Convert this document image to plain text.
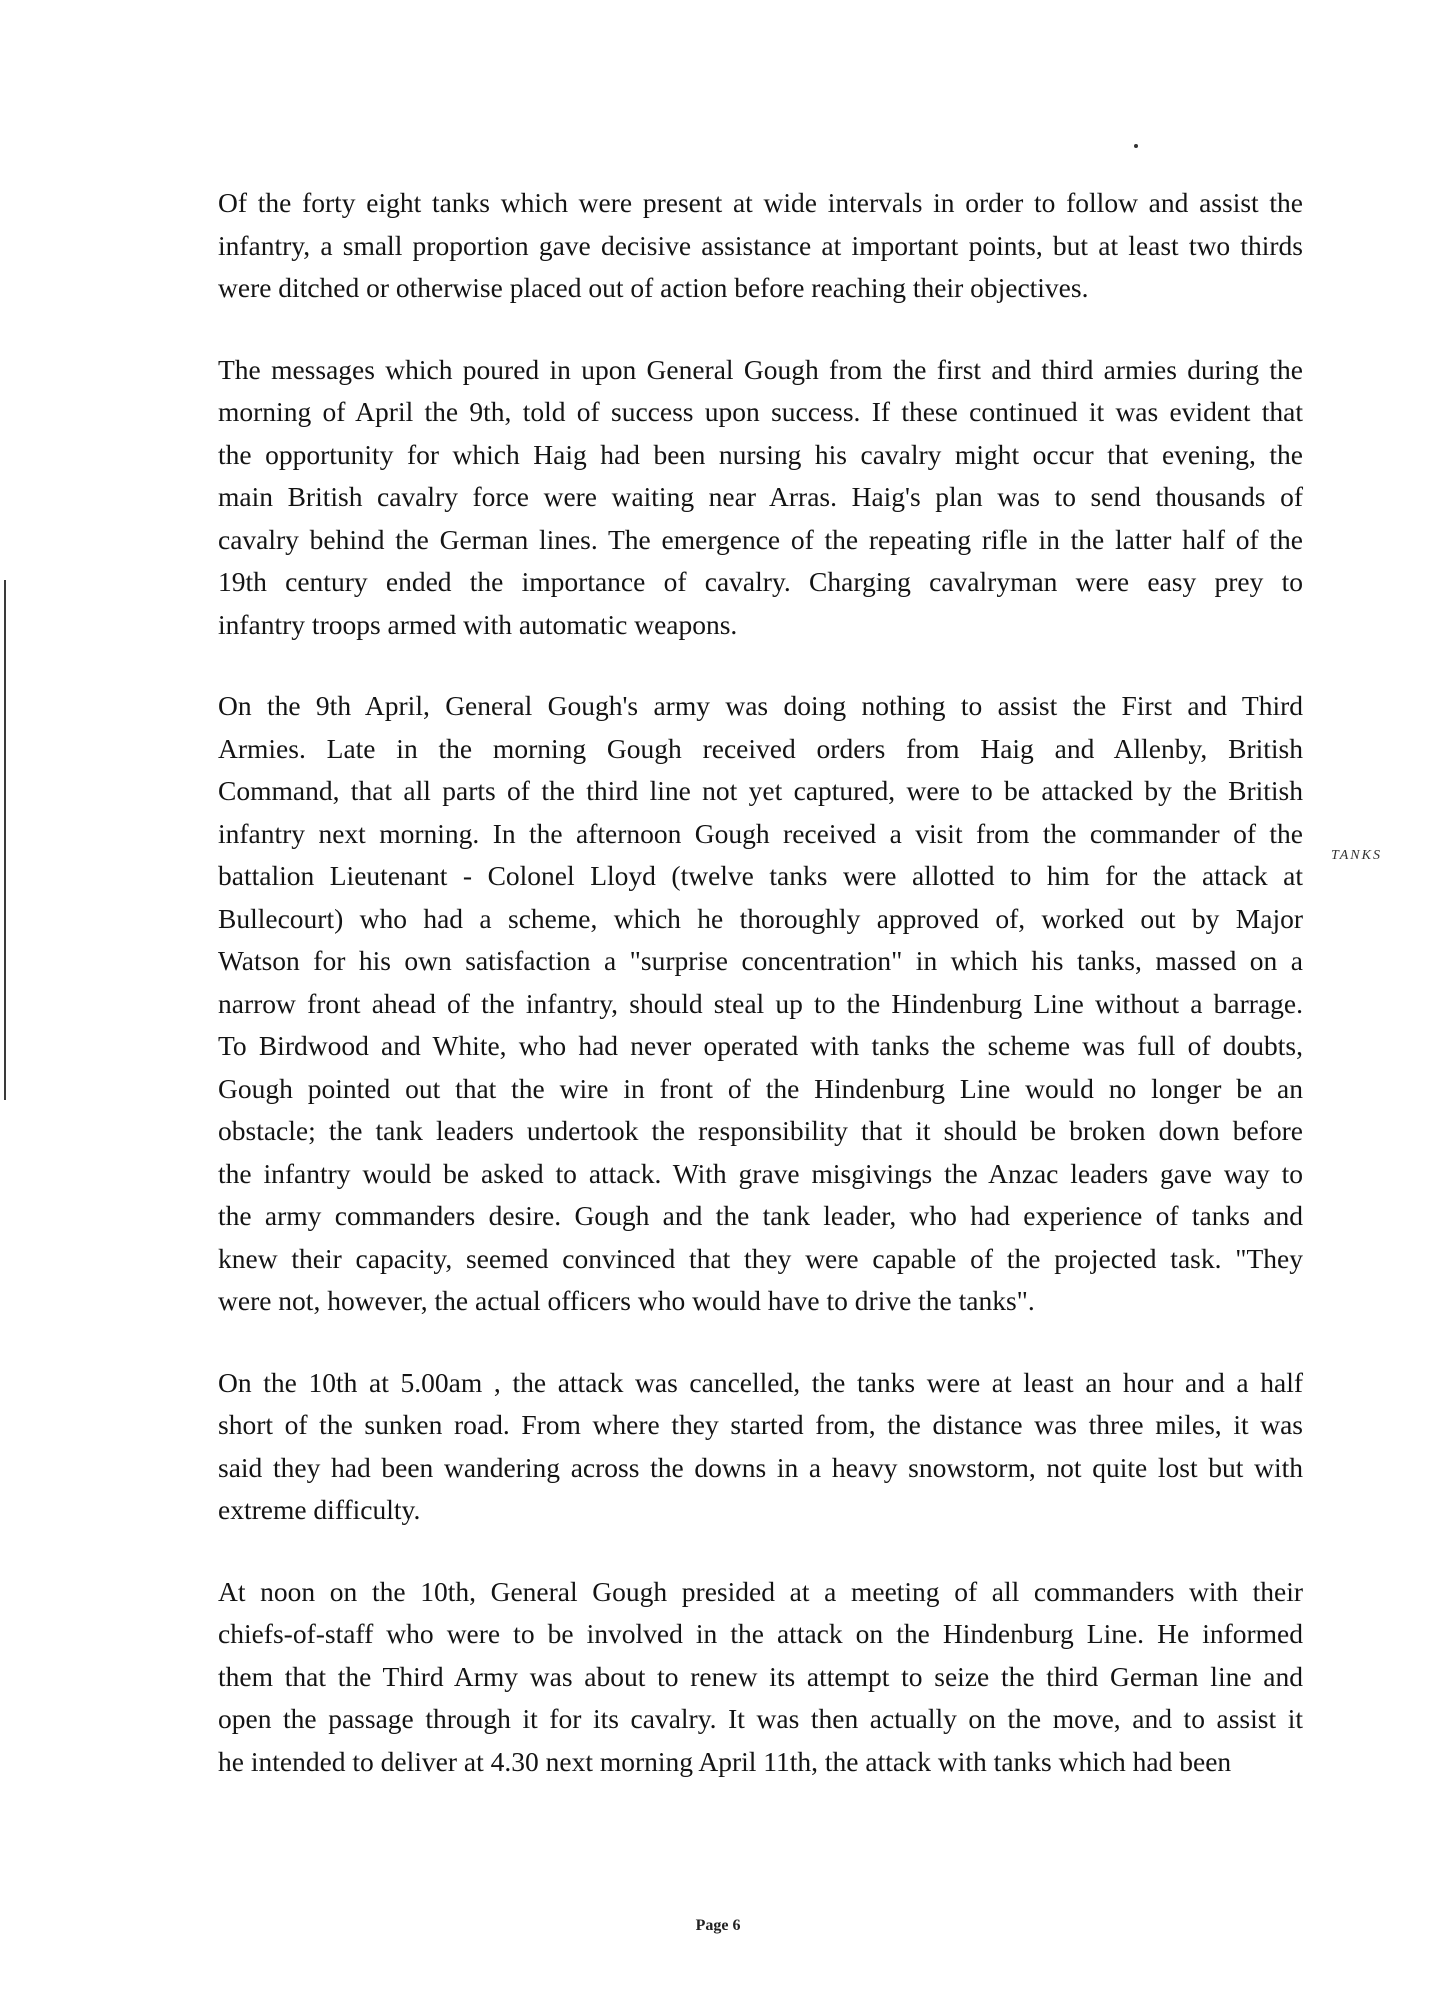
Of the forty eight tanks which were present at wide intervals in order to follow and assist the
infantry, a small proportion gave decisive assistance at important points, but at least two thirds
were ditched or otherwise placed out of action before reaching their objectives.

The messages which poured in upon General Gough from the first and third armies during the
morning of April the 9th, told of success upon success. If these continued it was evident that
the opportunity for which Haig had been nursing his cavalry might occur that evening, the
main British cavalry force were waiting near Arras. Haig's plan was to send thousands of
cavalry behind the German lines. The emergence of the repeating rifle in the latter half of the
19th century ended the importance of cavalry. Charging cavalryman were easy prey to
infantry troops armed with automatic weapons.

On the 9th April, General Gough's army was doing nothing to assist the First and Third
Armies. Late in the morning Gough received orders from Haig and Allenby, British
Command, that all parts of the third line not yet captured, were to be attacked by the British
infantry next morning. In the afternoon Gough received a visit from the commander of the
battalion Lieutenant - Colonel Lloyd (twelve tanks were allotted to him for the attack at
Bullecourt) who had a scheme, which he thoroughly approved of, worked out by Major
Watson for his own satisfaction a "surprise concentration" in which his tanks, massed on a
narrow front ahead of the infantry, should steal up to the Hindenburg Line without a barrage.
To Birdwood and White, who had never operated with tanks the scheme was full of doubts,
Gough pointed out that the wire in front of the Hindenburg Line would no longer be an
obstacle; the tank leaders undertook the responsibility that it should be broken down before
the infantry would be asked to attack. With grave misgivings the Anzac leaders gave way to
the army commanders desire. Gough and the tank leader, who had experience of tanks and
knew their capacity, seemed convinced that they were capable of the projected task. "They
were not, however, the actual officers who would have to drive the tanks".

On the 10th at 5.00am , the attack was cancelled, the tanks were at least an hour and a half
short of the sunken road. From where they started from, the distance was three miles, it was
said they had been wandering across the downs in a heavy snowstorm, not quite lost but with
extreme difficulty.

At noon on the 10th, General Gough presided at a meeting of all commanders with their
chiefs-of-staff who were to be involved in the attack on the Hindenburg Line. He informed
them that the Third Army was about to renew its attempt to seize the third German line and
open the passage through it for its cavalry. It was then actually on the move, and to assist it
he intended to deliver at 4.30 next morning April 11th, the attack with tanks which had been

TANKS
Page 6
